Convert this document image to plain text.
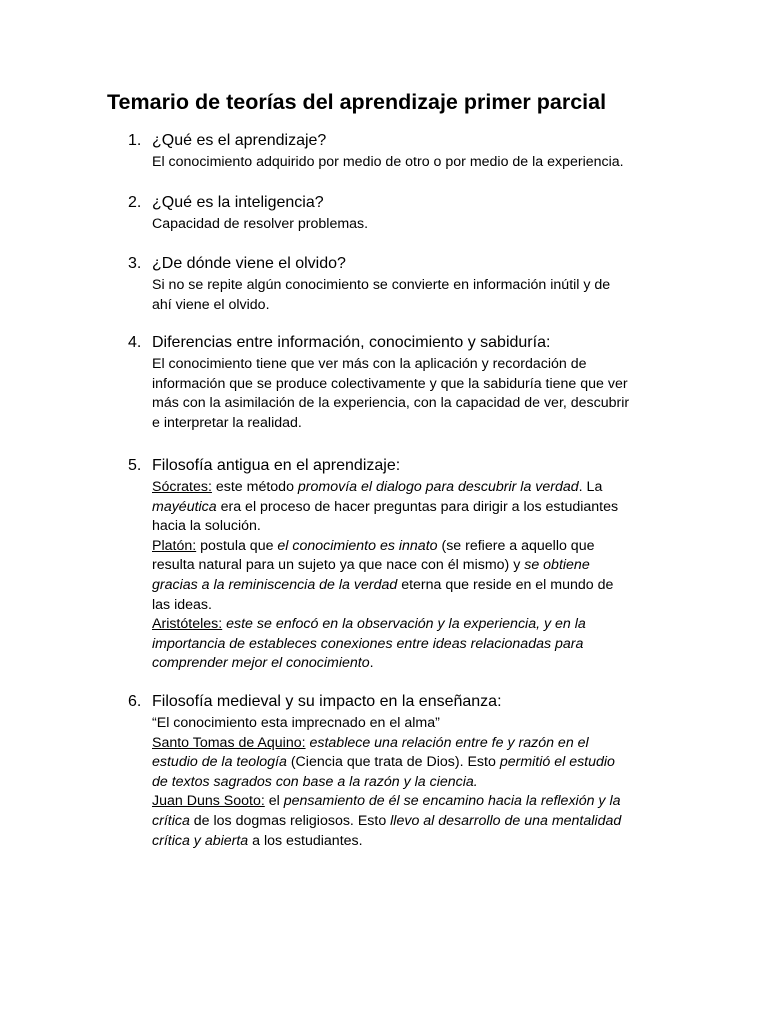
Temario de teorías del aprendizaje primer parcial
1. ¿Qué es el aprendizaje?
El conocimiento adquirido por medio de otro o por medio de la experiencia.
2. ¿Qué es la inteligencia?
Capacidad de resolver problemas.
3. ¿De dónde viene el olvido?
Si no se repite algún conocimiento se convierte en información inútil y de
ahí viene el olvido.
4. Diferencias entre información, conocimiento y sabiduría:
El conocimiento tiene que ver más con la aplicación y recordación de
información que se produce colectivamente y que la sabiduría tiene que ver
más con la asimilación de la experiencia, con la capacidad de ver, descubrir
e interpretar la realidad.
5. Filosofía antigua en el aprendizaje:
Sócrates: este método promovía el dialogo para descubrir la verdad. La
mayéutica era el proceso de hacer preguntas para dirigir a los estudiantes
hacia la solución.
Platón: postula que el conocimiento es innato (se refiere a aquello que
resulta natural para un sujeto ya que nace con él mismo) y se obtiene
gracias a la reminiscencia de la verdad eterna que reside en el mundo de
las ideas.
Aristóteles: este se enfocó en la observación y la experiencia, y en la
importancia de estableces conexiones entre ideas relacionadas para
comprender mejor el conocimiento.
6. Filosofía medieval y su impacto en la enseñanza:
“El conocimiento esta imprecnado en el alma”
Santo Tomas de Aquino: establece una relación entre fe y razón en el
estudio de la teología (Ciencia que trata de Dios). Esto permitió el estudio
de textos sagrados con base a la razón y la ciencia.
Juan Duns Sooto: el pensamiento de él se encamino hacia la reflexión y la
crítica de los dogmas religiosos. Esto llevo al desarrollo de una mentalidad
crítica y abierta a los estudiantes.
